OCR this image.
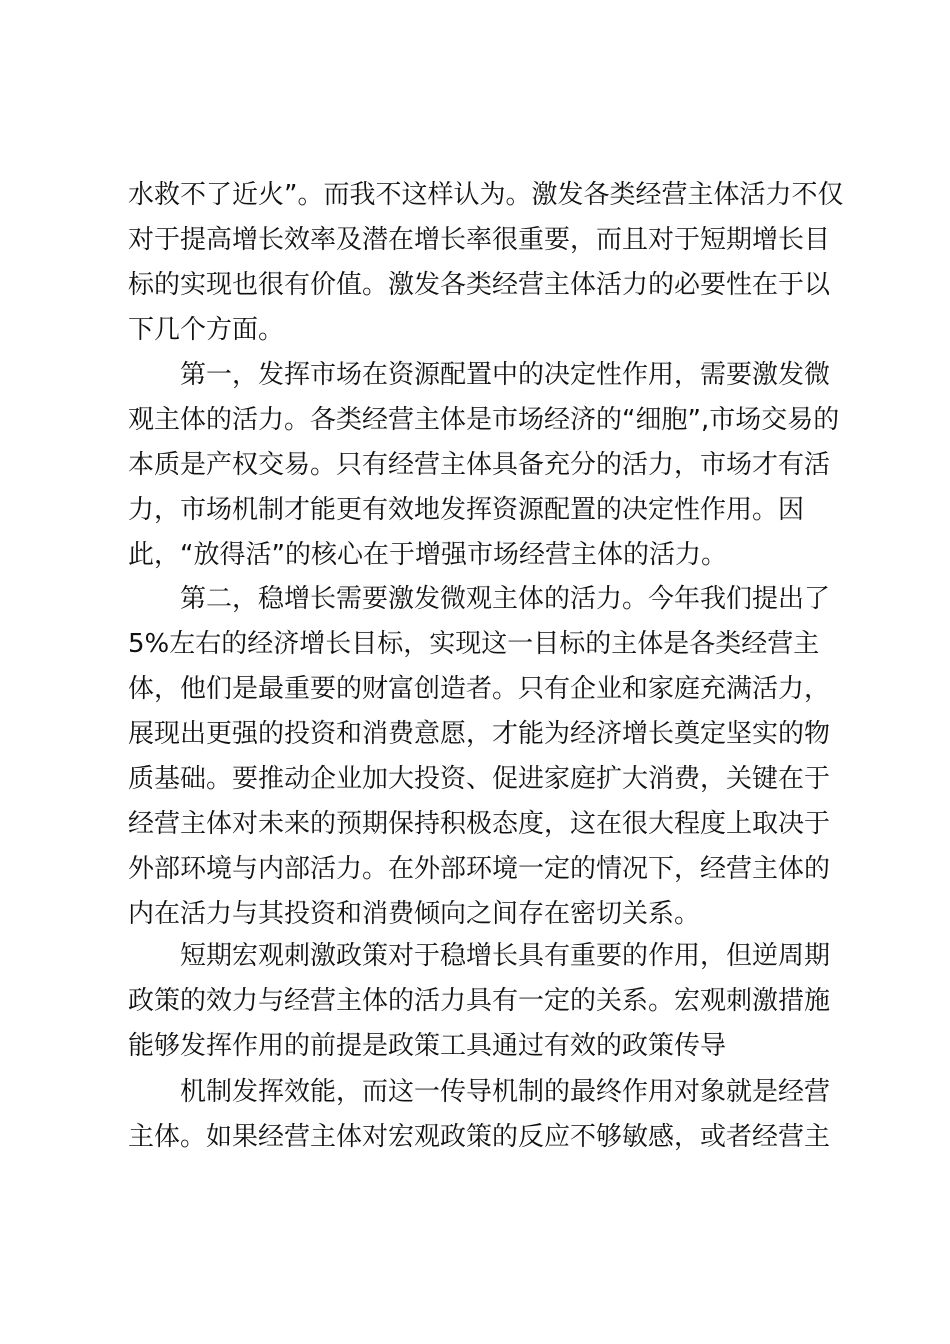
水救不了近火”。而我不这样认为。激发各类经营主体活力不仅
对于提高增长效率及潜在增长率很重要，而且对于短期增长目
标的实现也很有价值。激发各类经营主体活力的必要性在于以
下几个方面。
第一，发挥市场在资源配置中的决定性作用，需要激发微
观主体的活力。各类经营主体是市场经济的“细胞”,市场交易的
本质是产权交易。只有经营主体具备充分的活力，市场才有活
力，市场机制才能更有效地发挥资源配置的决定性作用。因
此，“放得活”的核心在于增强市场经营主体的活力。
第二，稳增长需要激发微观主体的活力。今年我们提出了
5%左右的经济增长目标，实现这一目标的主体是各类经营主
体，他们是最重要的财富创造者。只有企业和家庭充满活力，
展现出更强的投资和消费意愿，才能为经济增长奠定坚实的物
质基础。要推动企业加大投资、促进家庭扩大消费，关键在于
经营主体对未来的预期保持积极态度，这在很大程度上取决于
外部环境与内部活力。在外部环境一定的情况下，经营主体的
内在活力与其投资和消费倾向之间存在密切关系。
短期宏观刺激政策对于稳增长具有重要的作用，但逆周期
政策的效力与经营主体的活力具有一定的关系。宏观刺激措施
能够发挥作用的前提是政策工具通过有效的政策传导
机制发挥效能，而这一传导机制的最终作用对象就是经营
主体。如果经营主体对宏观政策的反应不够敏感，或者经营主
